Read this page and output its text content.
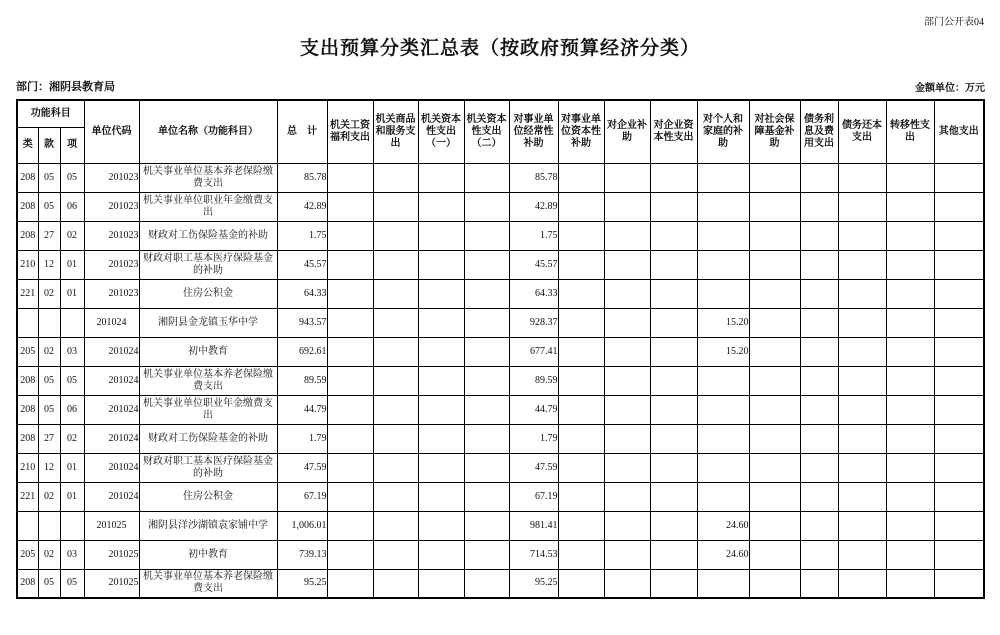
部门公开表04
支出预算分类汇总表（按政府预算经济分类）
部门：湘阴县教育局	金额单位：万元
功能科目			单位代码	单位名称（功能科目）	总　计	机关工资福利支出	机关商品和服务支出	机关资本性支出（一）	机关资本性支出（二）	对事业单位经常性补助	对事业单位资本性补助	对企业补助	对企业资本性支出	对个人和家庭的补助	对社会保障基金补助	债务利息及费用支出	债务还本支出	转移性支出	其他支出
类	款	项																	
208	05	05	201023	机关事业单位基本养老保险缴费支出	85.78					85.78									
208	05	06	201023	机关事业单位职业年金缴费支出	42.89					42.89									
208	27	02	201023	财政对工伤保险基金的补助	1.75					1.75									
210	12	01	201023	财政对职工基本医疗保险基金的补助	45.57					45.57									
221	02	01	201023	住房公积金	64.33					64.33									
			201024	湘阴县金龙镇玉华中学	943.57					928.37				15.20					
205	02	03	201024	初中教育	692.61					677.41				15.20					
208	05	05	201024	机关事业单位基本养老保险缴费支出	89.59					89.59									
208	05	06	201024	机关事业单位职业年金缴费支出	44.79					44.79									
208	27	02	201024	财政对工伤保险基金的补助	1.79					1.79									
210	12	01	201024	财政对职工基本医疗保险基金的补助	47.59					47.59									
221	02	01	201024	住房公积金	67.19					67.19									
			201025	湘阴县洋沙湖镇袁家铺中学	1,006.01					981.41				24.60					
205	02	03	201025	初中教育	739.13					714.53				24.60					
208	05	05	201025	机关事业单位基本养老保险缴费支出	95.25					95.25									
